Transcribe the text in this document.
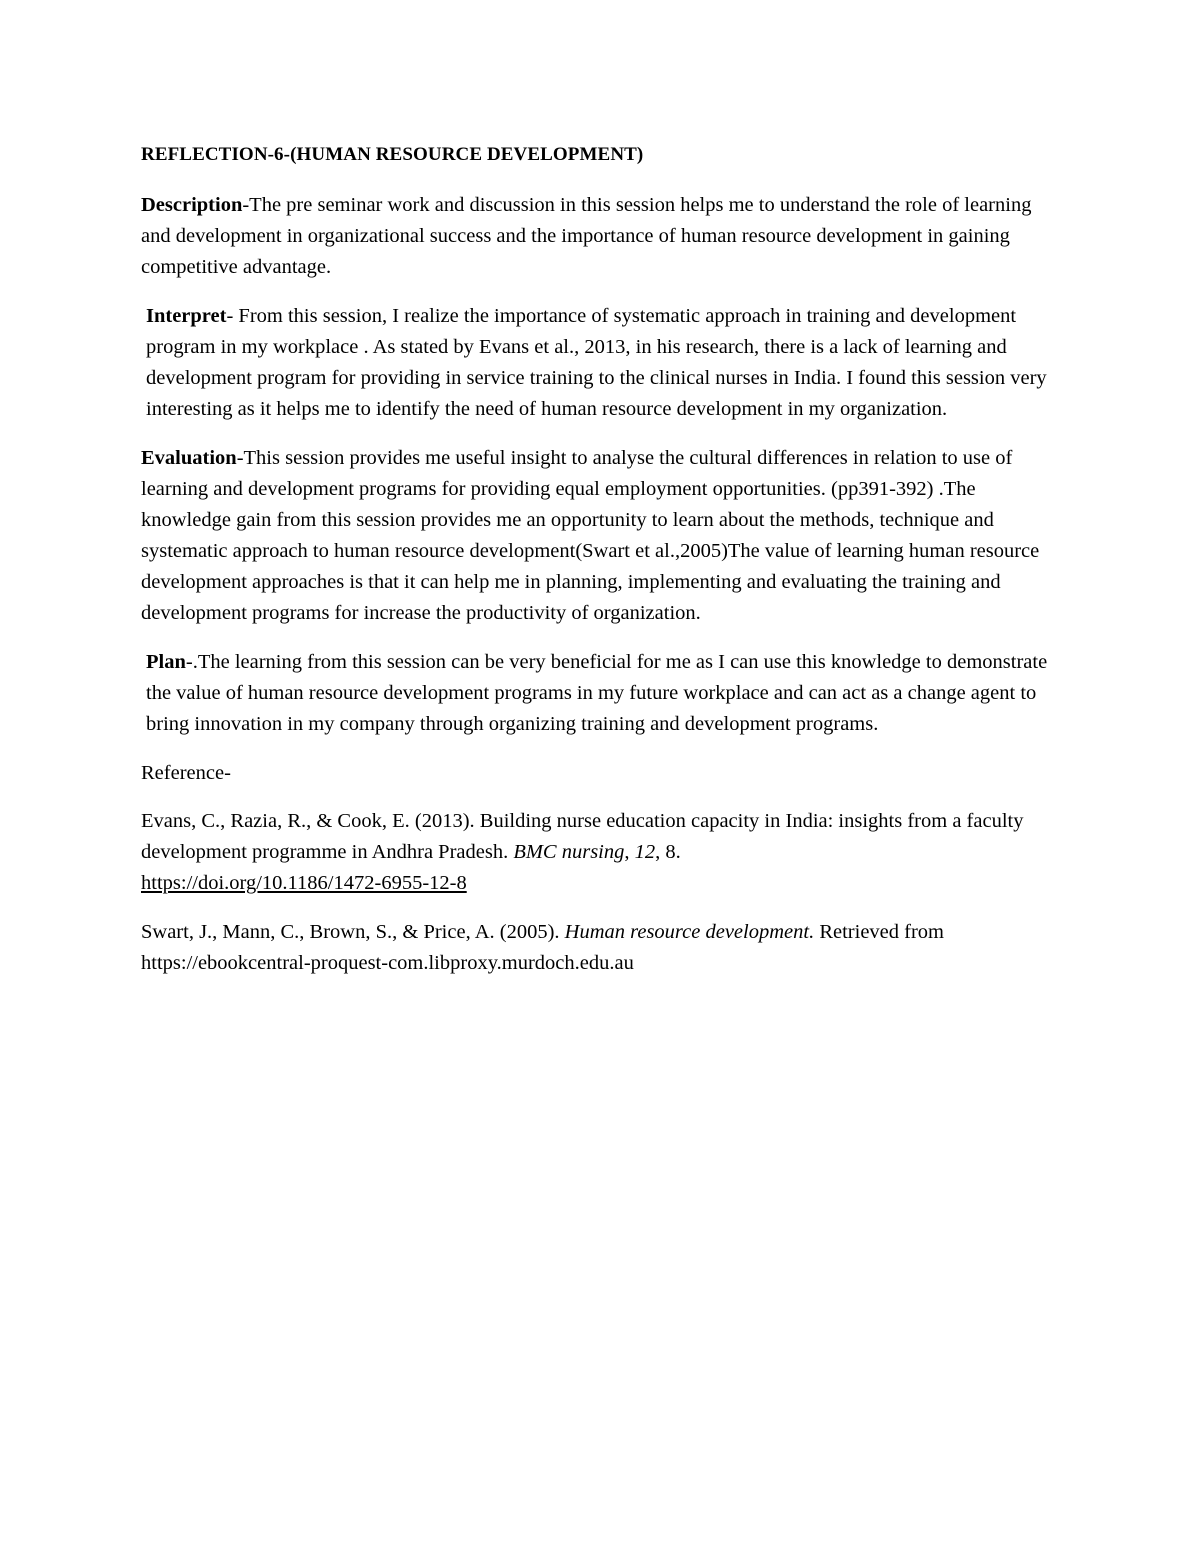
REFLECTION-6-(HUMAN RESOURCE DEVELOPMENT)

Description-The pre seminar work and discussion in this session helps me to understand the role of learning and development in organizational success and the importance of human resource development in gaining competitive advantage.

Interpret- From this session, I realize the importance of systematic approach in training and development program in my workplace . As stated by Evans et al., 2013, in his research, there is a lack of learning and development program for providing in service training to the clinical nurses in India. I found this session very interesting as it helps me to identify the need of human resource development in my organization.

Evaluation-This session provides me useful insight to analyse the cultural differences in relation to use of learning and development programs for providing equal employment opportunities. (pp391-392) .The knowledge gain from this session provides me an opportunity to learn about the methods, technique and systematic approach to human resource development(Swart et al.,2005)The value of learning human resource development approaches is that it can help me in planning, implementing and evaluating the training and development programs for increase the productivity of organization.

Plan-.The learning from this session can be very beneficial for me as I can use this knowledge to demonstrate the value of human resource development programs in my future workplace and can act as a change agent to bring innovation in my company through organizing training and development programs.

Reference-

Evans, C., Razia, R., & Cook, E. (2013). Building nurse education capacity in India: insights from a faculty development programme in Andhra Pradesh. BMC nursing, 12, 8.
https://doi.org/10.1186/1472-6955-12-8

Swart, J., Mann, C., Brown, S., & Price, A. (2005). Human resource development. Retrieved from https://ebookcentral-proquest-com.libproxy.murdoch.edu.au
